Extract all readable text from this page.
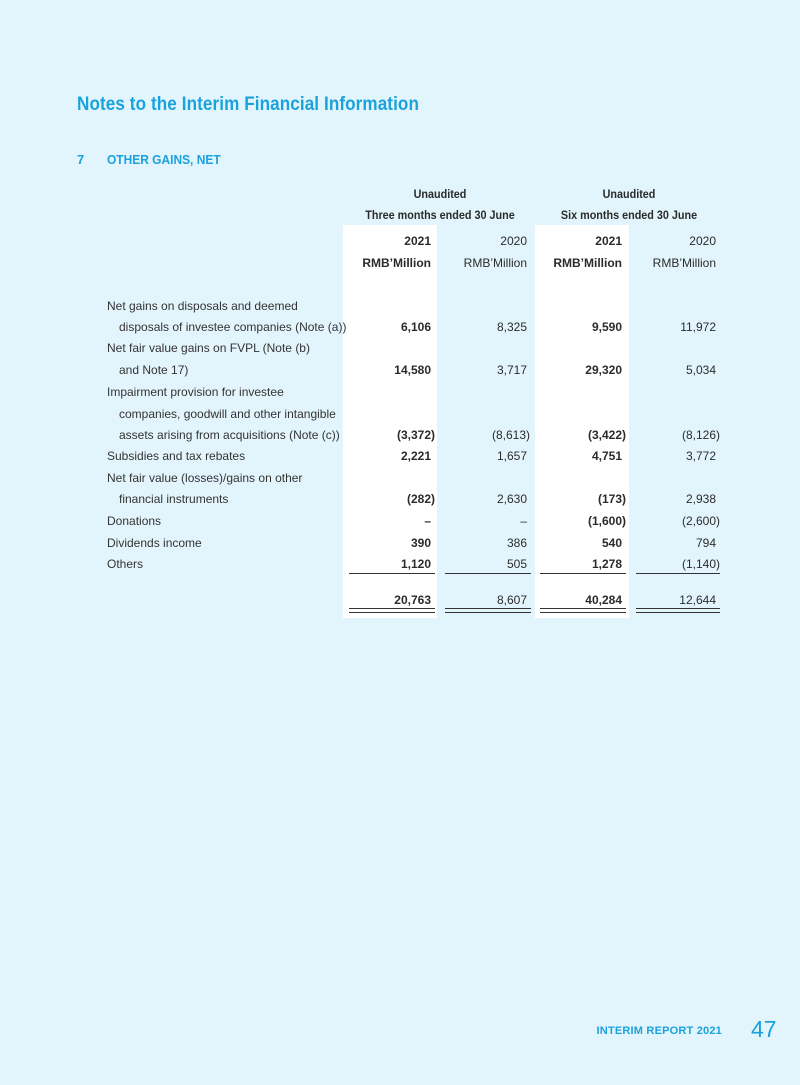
Notes to the Interim Financial Information
7 OTHER GAINS, NET
Unaudited	Unaudited
Three months ended 30 June	Six months ended 30 June
2021	2020	2021	2020
RMB’Million	RMB’Million	RMB’Million	RMB’Million
Net gains on disposals and deemed
disposals of investee companies (Note (a))	6,106	8,325	9,590	11,972
Net fair value gains on FVPL (Note (b)
and Note 17)	14,580	3,717	29,320	5,034
Impairment provision for investee
companies, goodwill and other intangible
assets arising from acquisitions (Note (c))	(3,372)	(8,613)	(3,422)	(8,126)
Subsidies and tax rebates	2,221	1,657	4,751	3,772
Net fair value (losses)/gains on other
financial instruments	(282)	2,630	(173)	2,938
Donations	–	–	(1,600)	(2,600)
Dividends income	390	386	540	794
Others	1,120	505	1,278	(1,140)
20,763	8,607	40,284	12,644
INTERIM REPORT 2021 47
